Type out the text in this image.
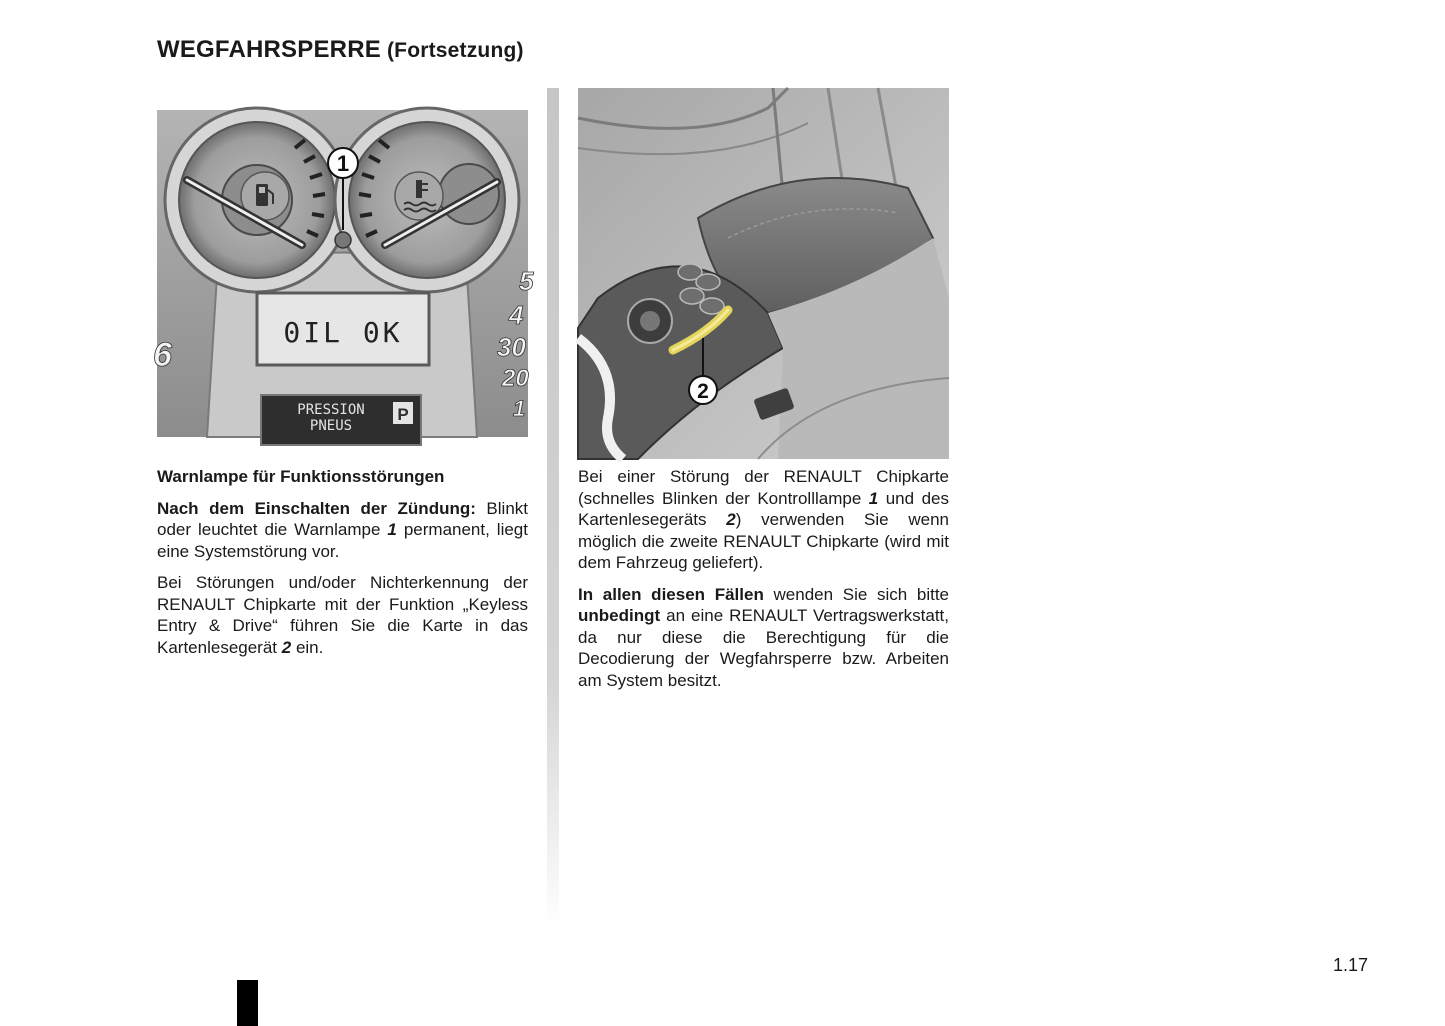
WEGFAHRSPERRE (Fortsetzung)
1
0IL 0K
5
4
30
20
1
6
PRESSION
PNEUS
P
2

Warnlampe für Funktionsstörungen

Nach dem Einschalten der Zündung: Blinkt oder leuchtet die Warnlampe 1 permanent, liegt eine Systemstörung vor.

Bei Störungen und/oder Nichterkennung der RENAULT Chipkarte mit der Funktion „Keyless Entry & Drive“ führen Sie die Karte in das Kartenlesegerät 2 ein.

Bei einer Störung der RENAULT Chipkarte (schnelles Blinken der Kontrolllampe 1 und des Kartenlesegeräts 2) verwenden Sie wenn möglich die zweite RENAULT Chipkarte (wird mit dem Fahrzeug geliefert).

In allen diesen Fällen wenden Sie sich bitte unbedingt an eine RENAULT Vertragswerkstatt, da nur diese die Berechtigung für die Decodierung der Wegfahrsperre bzw. Arbeiten am System besitzt.

1.17
